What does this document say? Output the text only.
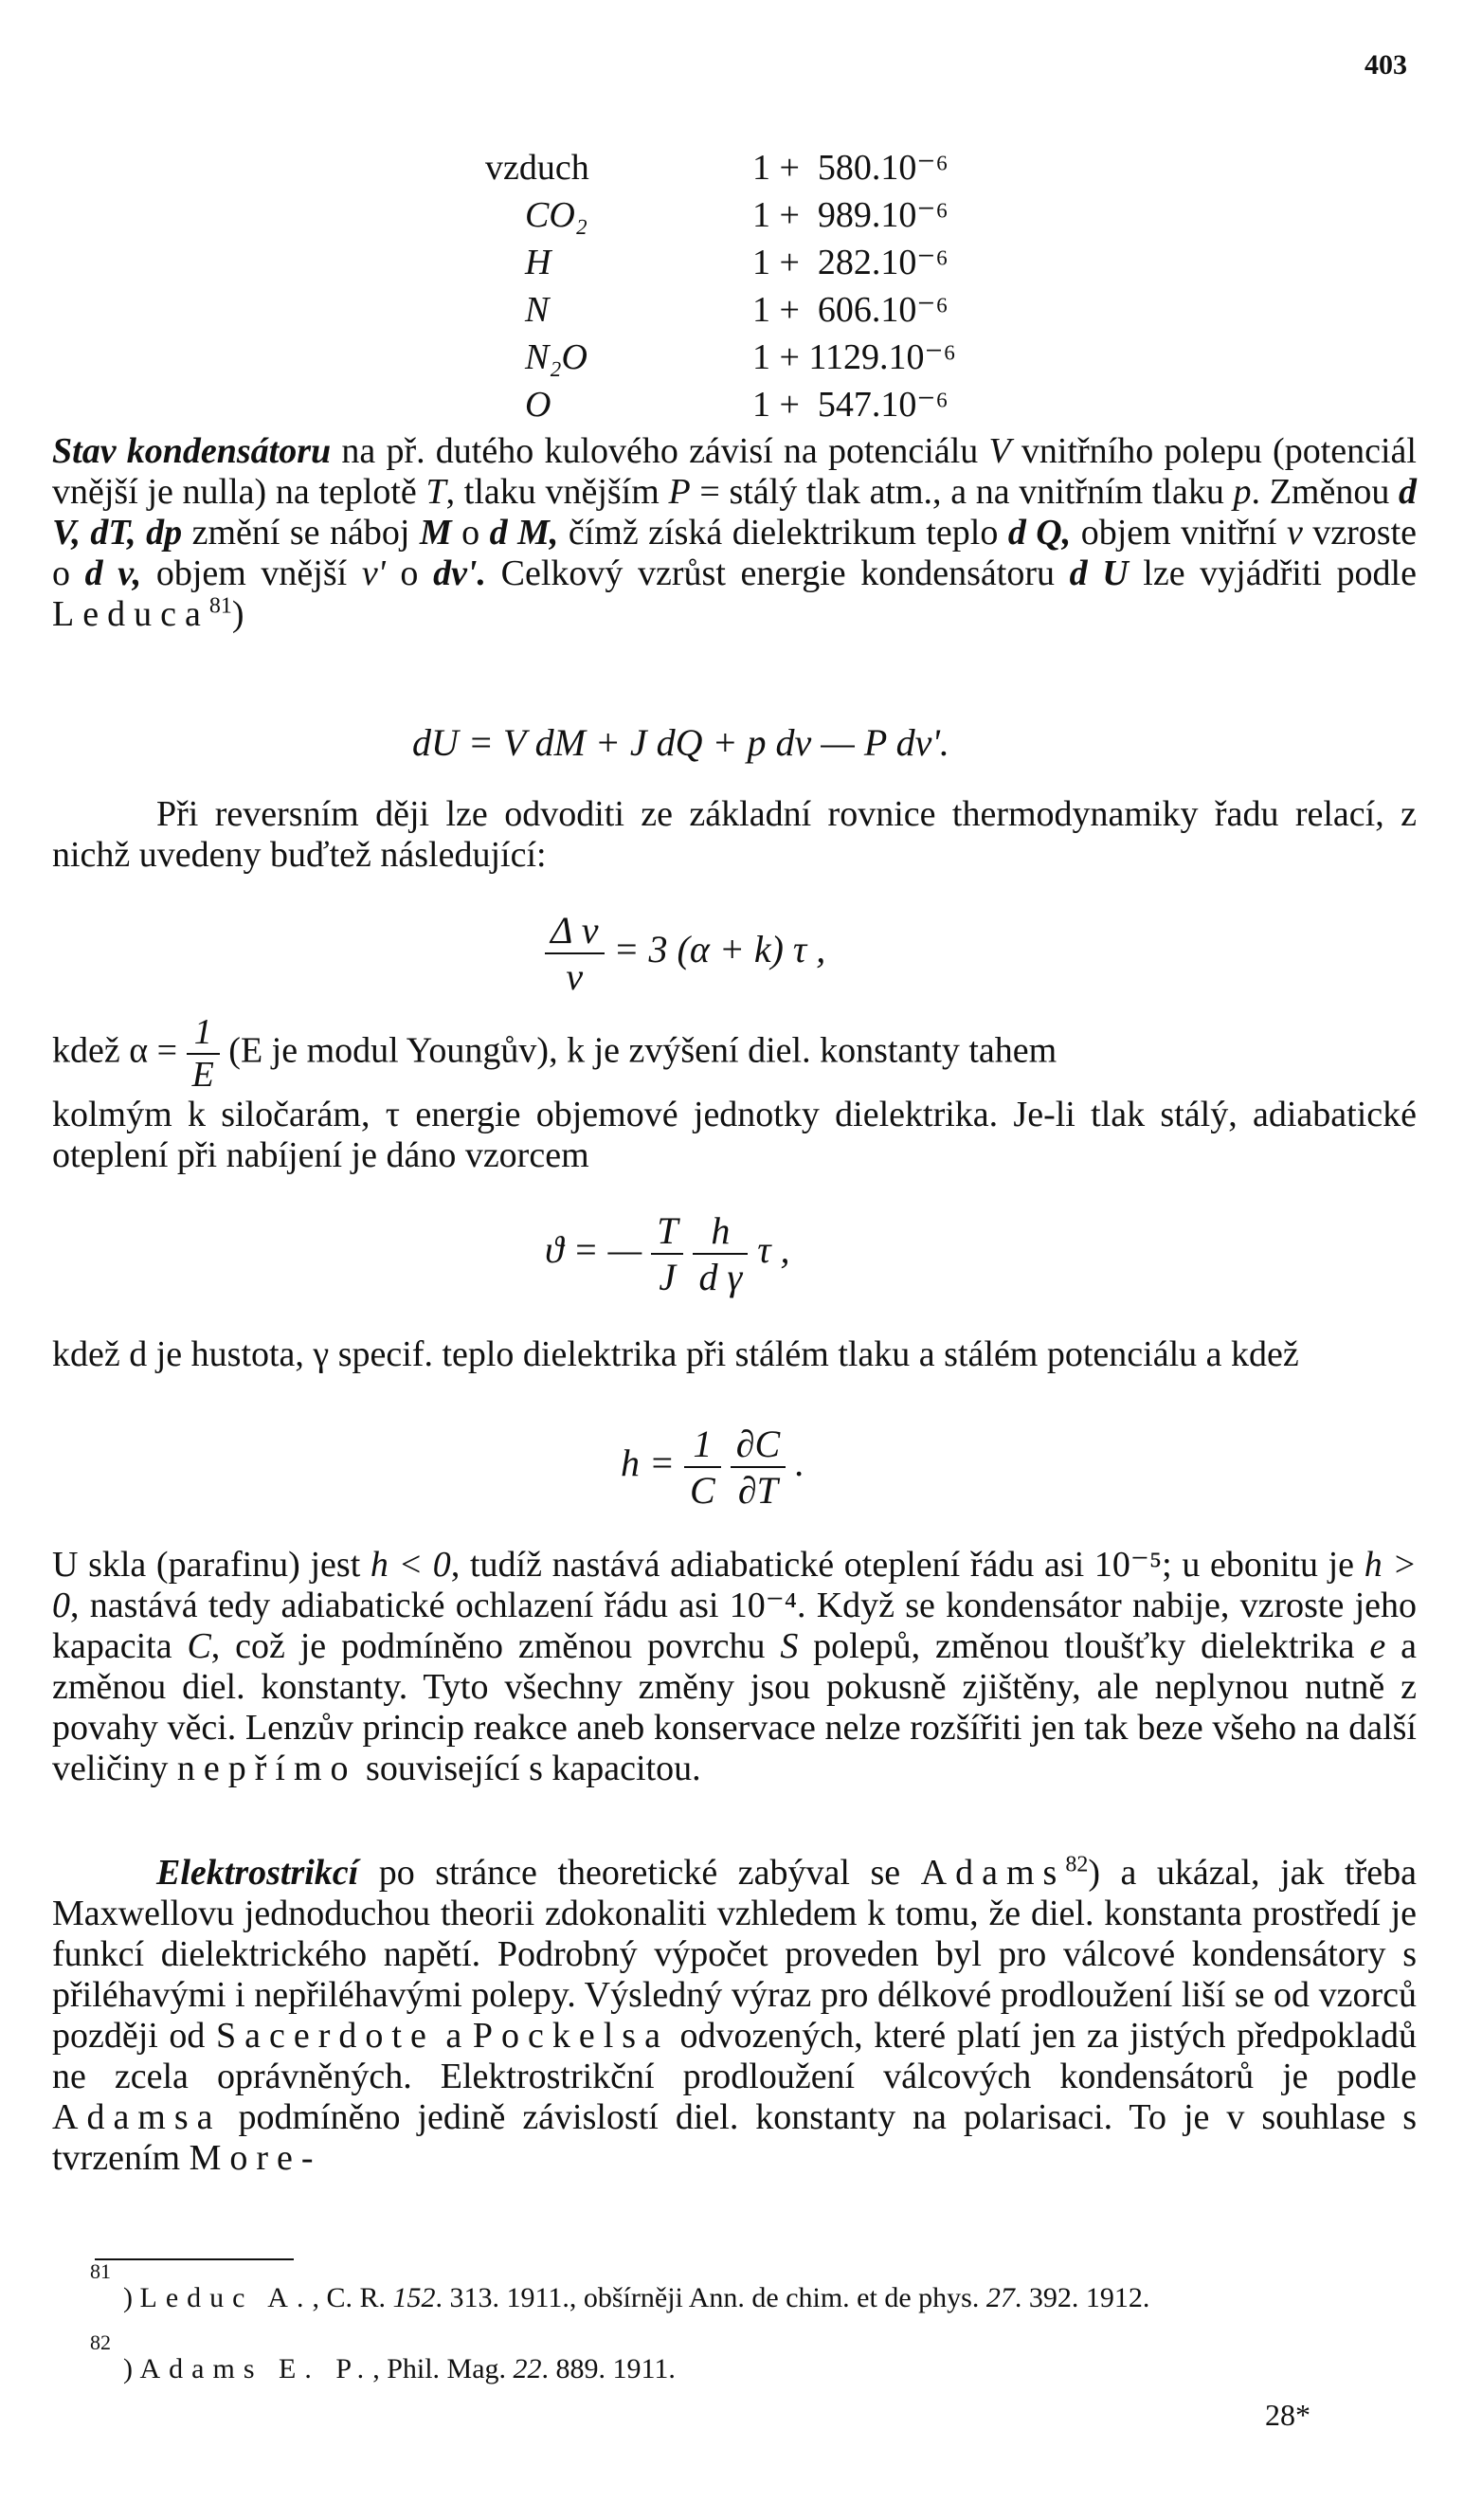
403
vzduch	1 +  580.10⁻⁶
CO₂	1 +  989.10⁻⁶
H	1 +  282.10⁻⁶
N	1 +  606.10⁻⁶
N₂O	1 + 1129.10⁻⁶
O	1 +  547.10⁻⁶

Stav kondensátoru na př. dutého kulového závisí na potenciálu V vnitřního polepu (potenciál vnější je nulla) na teplotě T, tlaku vnějším P = stálý tlak atm., a na vnitřním tlaku p. Změnou d V, dT, dp změní se náboj M o d M, čímž získá dielektrikum teplo d Q, objem vnitřní v vzroste o d v, objem vnější v' o dv'. Celkový vzrůst energie kondensátoru d U lze vyjádřiti podle Leduca$^{81}$)

dU = V dM + J dQ + p dv — P dv'.

Při reversním ději lze odvoditi ze základní rovnice thermodynamiky řadu relací, z nichž uvedeny buďtež následující:

$\frac{\text{Δ v}}{v} = 3$ (α + k) τ ,
kdež $\alpha = \frac{1}{E} (E$ je modul Youngův), k je zvýšení diel. konstanty tahem

kolmým k siločarám, τ energie objemové jednotky dielektrika. Je-li tlak stálý, adiabatické oteplení při nabíjení je dáno vzorcem

ϑ = — $\frac{T}{J}$
$\frac{h}{\text{d γ}}$ τ ,

kdež d je hustota, γ specif. teplo dielektrika při stálém tlaku a stálém potenciálu a kdež

$h = \frac{1}{C}$
$\frac{\partial C}{\partial T}$ .

U skla (parafinu) jest h < 0, tudíž nastává adiabatické oteplení řádu asi 10⁻⁵; u ebonitu je h > 0, nastává tedy adiabatické ochlazení řádu asi 10⁻⁴. Když se kondensátor nabije, vzroste jeho kapacita C, což je podmíněno změnou povrchu S polepů, změnou tloušťky dielektrika e a změnou diel. konstanty. Tyto všechny změny jsou pokusně zjištěny, ale neplynou nutně z povahy věci. Lenzův princip reakce aneb konservace nelze rozšířiti jen tak beze všeho na další veličiny nepřímo související s kapacitou.

Elektrostrikcí po stránce theoretické zabýval se Adams$^{82}$) a ukázal, jak třeba Maxwellovu jednoduchou theorii zdokonaliti vzhledem k tomu, že diel. konstanta prostředí je funkcí dielektrického napětí. Podrobný výpočet proveden byl pro válcové kondensátory s přiléhavými i nepřiléhavými polepy. Výsledný výraz pro délkové prodloužení liší se od vzorců později od Sacerdote a Pockelsa odvozených, které platí jen za jistých předpokladů ne zcela oprávněných. Elektrostrikční prodloužení válcových kondensátorů je podle Adamsa podmíněno jedině závislostí diel. konstanty na polarisaci. To je v souhlase s tvrzením More-

81
) Leduc A., C. R. 152. 313. 1911., obšírněji Ann. de chim. et de phys. 27. 392. 1912.
82
) Adams E. P., Phil. Mag. 22. 889. 1911.
28*
